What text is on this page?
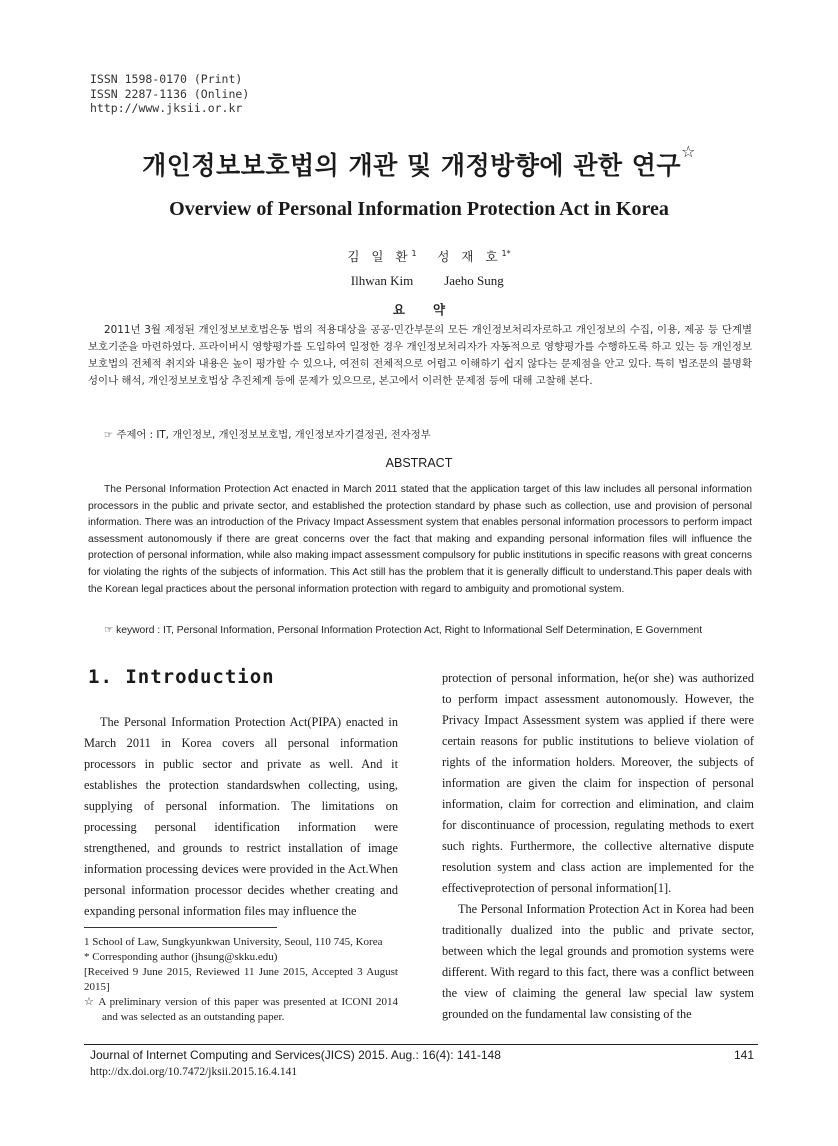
ISSN 1598-0170 (Print)
ISSN 2287-1136 (Online)
http://www.jksii.or.kr
개인정보보호법의 개관 및 개정방향에 관한 연구☆
Overview of Personal Information Protection Act in Korea
김 일 환$^1$
Ilhwan Kim
성 재 호$^{1*}$
Jaeho Sung
요약
2011년 3월 제정된 개인정보보호법은동 법의 적용대상을 공공·민간부문의 모든 개인정보처리자로하고 개인정보의 수집, 이용, 제공 등 단계별 보호기준을 마련하였다. 프라이버시 영향평가를 도입하여 일정한 경우 개인정보처리자가 자동적으로 영향평가를 수행하도록 하고 있는 등 개인정보보호법의 전체적 취지와 내용은 높이 평가할 수 있으나, 여전히 전체적으로 어렵고 이해하기 쉽지 않다는 문제점을 안고 있다. 특히 법조문의 불명확성이나 해석, 개인정보보호법상 추진체계 등에 문제가 있으므로, 본고에서 이러한 문제점 등에 대해 고찰해 본다.
☞ 주제어 : IT, 개인정보, 개인정보보호법, 개인정보자기결정권, 전자정부
ABSTRACT
The Personal Information Protection Act enacted in March 2011 stated that the application target of this law includes all personal information processors in the public and private sector, and established the protection standard by phase such as collection, use and provision of personal information. There was an introduction of the Privacy Impact Assessment system that enables personal information processors to perform impact assessment autonomously if there are great concerns over the fact that making and expanding personal information files will influence the protection of personal information, while also making impact assessment compulsory for public institutions in specific reasons with great concerns for violating the rights of the subjects of information. This Act still has the problem that it is generally difficult to understand.This paper deals with the Korean legal practices about the personal information protection with regard to ambiguity and promotional system.
☞ keyword : IT, Personal Information, Personal Information Protection Act, Right to Informational Self Determination, E Government
1. Introduction
The Personal Information Protection Act(PIPA) enacted in March 2011 in Korea covers all personal information processors in public sector and private as well. And it establishes the protection standardswhen collecting, using, supplying of personal information. The limitations on processing personal identification information were strengthened, and grounds to restrict installation of image information processing devices were provided in the Act.When personal information processor decides whether creating and expanding personal information files may influence the

protection of personal information, he(or she) was authorized to perform impact assessment autonomously. However, the Privacy Impact Assessment system was applied if there were certain reasons for public institutions to believe violation of rights of the information holders. Moreover, the subjects of information are given the claim for inspection of personal information, claim for correction and elimination, and claim for discontinuance of procession, regulating methods to exert such rights. Furthermore, the collective alternative dispute resolution system and class action are implemented for the effectiveprotection of personal information[1].

The Personal Information Protection Act in Korea had been traditionally dualized into the public and private sector, between which the legal grounds and promotion systems were different. With regard to this fact, there was a conflict between the view of claiming the general law special law system grounded on the fundamental law consisting of the

1 School of Law, Sungkyunkwan University, Seoul, 110 745, Korea
* Corresponding author (jhsung@skku.edu)
[Received 9 June 2015, Reviewed 11 June 2015, Accepted 3 August 2015]
☆ A preliminary version of this paper was presented at ICONI 2014 and was selected as an outstanding paper.
Journal of Internet Computing and Services(JICS) 2015. Aug.: 16(4): 141-148	141
http://dx.doi.org/10.7472/jksii.2015.16.4.141
